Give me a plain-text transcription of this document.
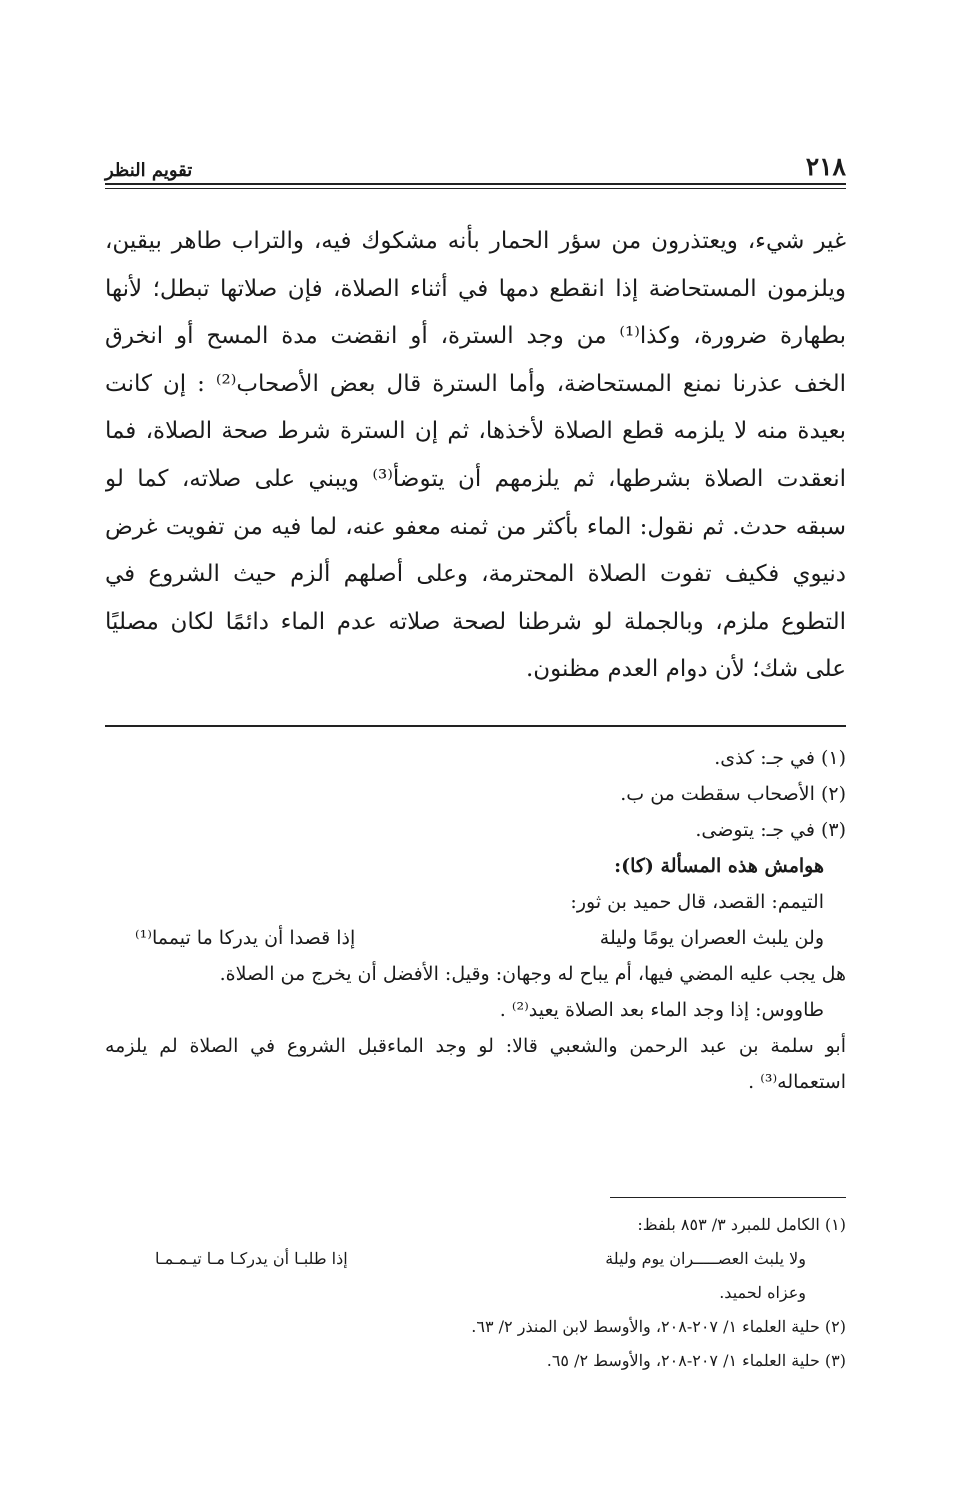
٢١٨
تقويم النظر
غير شيء، ويعتذرون من سؤر الحمار بأنه مشكوك فيه، والتراب طاهر بيقين،
ويلزمون المستحاضة إذا انقطع دمها في أثناء الصلاة، فإن صلاتها تبطل؛ لأنها
بطهارة ضرورة، وكذا⁽¹⁾ من وجد السترة، أو انقضت مدة المسح أو انخرق
الخف عذرنا نمنع المستحاضة، وأما السترة قال بعض الأصحاب⁽²⁾ : إن كانت
بعيدة منه لا يلزمه قطع الصلاة لأخذها، ثم إن السترة شرط صحة الصلاة، فما
انعقدت الصلاة بشرطها، ثم يلزمهم أن يتوضأ⁽³⁾ ويبني على صلاته، كما لو
سبقه حدث. ثم نقول: الماء بأكثر من ثمنه معفو عنه، لما فيه من تفويت غرض
دنيوي فكيف تفوت الصلاة المحترمة، وعلى أصلهم ألزم حيث الشروع في
التطوع ملزم، وبالجملة لو شرطنا لصحة صلاته عدم الماء دائمًا لكان مصليًا
على شك؛ لأن دوام العدم مظنون.
(١) في جـ: كذى.
(٢) الأصحاب سقطت من ب.
(٣) في جـ: يتوضى.
هوامش هذه المسألة (كا):
التيمم: القصد، قال حميد بن ثور:
ولن يلبث العصران يومًا وليلة
إذا قصدا أن يدركا ما تيمما⁽¹⁾
هل يجب عليه المضي فيها، أم يباح له وجهان: وقيل: الأفضل أن يخرج من الصلاة.
طاووس: إذا وجد الماء بعد الصلاة يعيد⁽²⁾ .
أبو سلمة بن عبد الرحمن والشعبي قالا: لو وجد الماءقبل الشروع في الصلاة لم يلزمه استعماله⁽³⁾ .
(١) الكامل للمبرد ٣/ ٨٥٣ بلفظ:
ولا يلبث العصـــــران يوم وليلة
إذا طلبـا أن يدركـا مـا تيـمـمـا
وعزاه لحميد.
(٢) حلية العلماء ١/ ٢٠٧-٢٠٨، والأوسط لابن المنذر ٢/ ٦٣.
(٣) حلية العلماء ١/ ٢٠٧-٢٠٨، والأوسط ٢/ ٦٥.
